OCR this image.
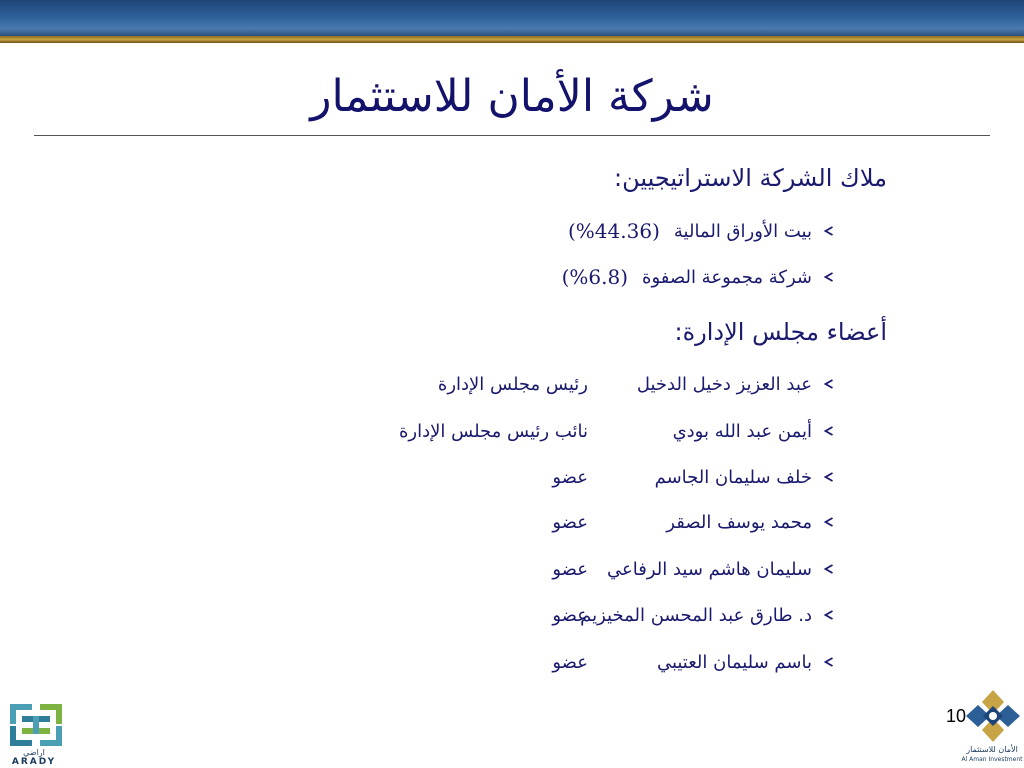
شركة الأمان للاستثمار
ملاك الشركة الاستراتيجيين:
بيت الأوراق المالية
(%44.36)
شركة مجموعة الصفوة
(%6.8)
أعضاء مجلس الإدارة:
عبد العزيز دخيل الدخيل
رئيس مجلس الإدارة
أيمن عبد الله بودي
نائب رئيس مجلس الإدارة
خلف سليمان الجاسم
عضو
محمد يوسف الصقر
عضو
سليمان هاشم سيد الرفاعي
عضو
د. طارق عبد المحسن المخيزيم
عضو
باسم سليمان العتيبي
عضو
اراضي
ARADY
10
الأمان للاستثمار
Al Aman Investment
